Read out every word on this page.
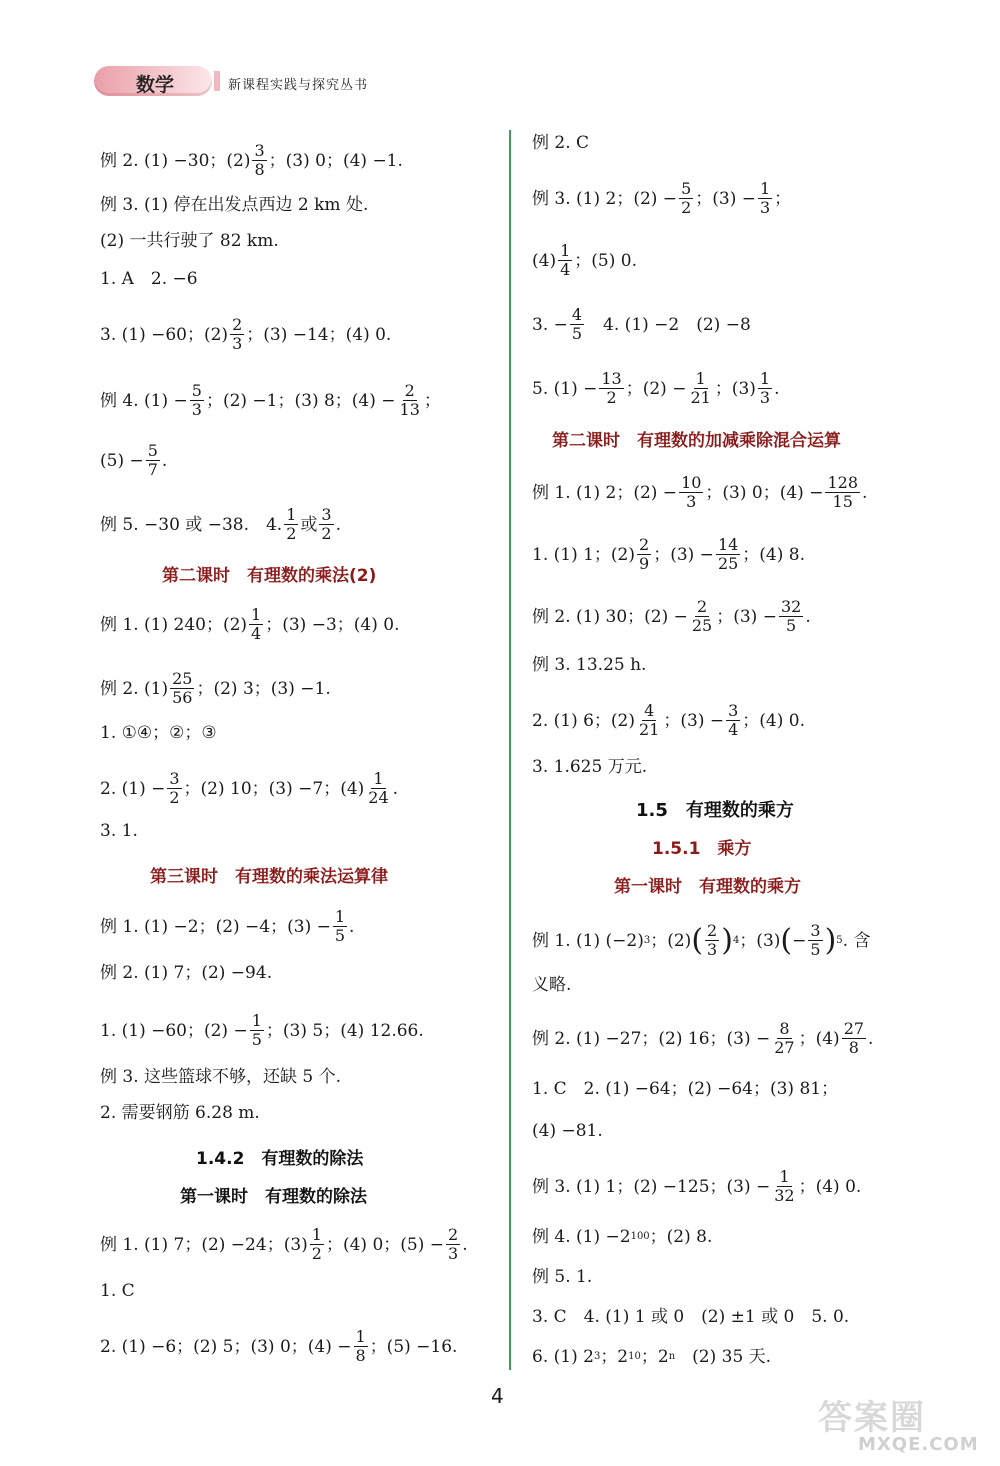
数学	新课程实践与探究丛书
例 2. (1) −30；$(2) \frac{3}{8}$ ；(3) 0；(4) −1.
例 3. (1) 停在出发点西边 2 km 处.
(2) 一共行驶了 82 km.
1. A　2. −6
3. (1) −60；$(2) \frac{2}{3}$ ；(3) −14；(4) 0.
例 4. $(1) - \frac{5}{3}$ ；(2) −1；(3) 8；$(4) - \frac{2}{13}$ ；
$(5) - \frac{5}{7}$ .
例 5. −30 或 −38.　4. $\frac{1}{2}$ 或 $\frac{3}{2}$ .
第二课时　有理数的乘法(2)
例 1. (1) 240；$(2) \frac{1}{4}$ ；(3) −3；(4) 0.
例 2. $(1) \frac{25}{56}$ ；(2) 3；(3) −1.
1. ①④；②；③
2. $(1) - \frac{3}{2}$ ；(2) 10；(3) −7；$(4) \frac{1}{24}$ .
3. 1.
第三课时　有理数的乘法运算律
例 1. (1) −2；(2) −4；$(3) - \frac{1}{5}$ .
例 2. (1) 7；(2) −94.
1. (1) −60；$(2) - \frac{1}{5}$ ；(3) 5；(4) 12.66.
例 3. 这些篮球不够，还缺 5 个.
2. 需要钢筋 6.28 m.
1.4.2　有理数的除法
第一课时　有理数的除法
例 1. (1) 7；(2) −24；$(3) \frac{1}{2}$ ；(4) 0；$(5) - \frac{2}{3}$ .
1. C
2. (1) −6；(2) 5；(3) 0；$(4) - \frac{1}{8}$ ；(5) −16.
例 2. C
例 3. (1) 2；$(2) - \frac{5}{2}$ ；$(3) - \frac{1}{3}$ ；
$(4) \frac{1}{4}$ ；(5) 0.
3. − $\frac{4}{5}$ 　4. (1) −2　(2) −8
5. $(1) - \frac{13}{2}$ ；$(2) - \frac{1}{21}$ ；$(3) \frac{1}{3}$ .
第二课时　有理数的加减乘除混合运算
例 1. (1) 2；$(2) - \frac{10}{3}$ ；(3) 0；$(4) - \frac{128}{15}$ .
1. (1) 1；$(2) \frac{2}{9}$ ；$(3) - \frac{14}{25}$ ；(4) 8.
例 2. (1) 30；$(2) - \frac{2}{25}$ ；$(3) - \frac{32}{5}$ .
例 3. 13.25 h.
2. (1) 6；$(2) \frac{4}{21}$ ；$(3) - \frac{3}{4}$ ；(4) 0.
3. 1.625 万元.
1.5　有理数的乘方
1.5.1　乘方
第一课时　有理数的乘方
例 1. (1) (−2) 3 ；(2) ( $\frac{2}{3}$ ) 4 ；(3) ( − $\frac{3}{5}$ ) 5 . 含
义略.
例 2. (1) −27；(2) 16；$(3) - \frac{8}{27}$ ；$(4) \frac{27}{8}$ .
1. C　2. (1) −64；(2) −64；(3) 81；
(4) −81.
例 3. (1) 1；(2) −125；$(3) - \frac{1}{32}$ ；(4) 0.
例 4. (1) −2 100 ；(2) 8.
例 5. 1.
3. C　4. (1) 1 或 0　(2) ±1 或 0　5. 0.
6. (1) 2 3 ；2 10 ；2 n 　(2) 35 天.
4
答案圈
MXQE.COM
